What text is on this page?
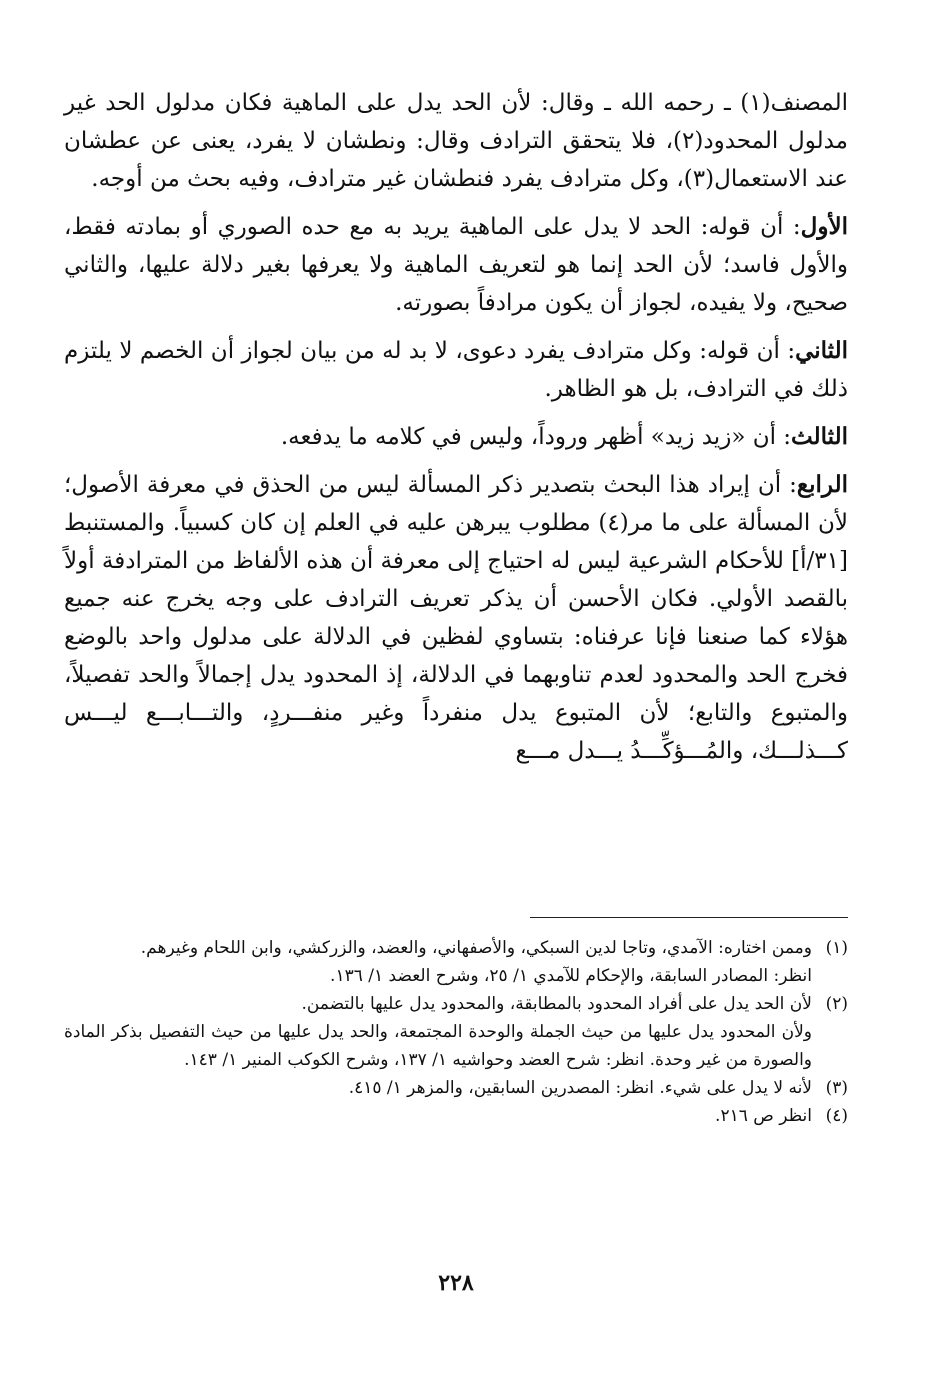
المصنف(١) ـ رحمه الله ـ وقال: لأن الحد يدل على الماهية فكان مدلول الحد غير مدلول المحدود(٢)، فلا يتحقق الترادف وقال: ونطشان لا يفرد، يعنى عن عطشان عند الاستعمال(٣)، وكل مترادف يفرد فنطشان غير مترادف، وفيه بحث من أوجه.

الأول: أن قوله: الحد لا يدل على الماهية يريد به مع حده الصوري أو بمادته فقط، والأول فاسد؛ لأن الحد إنما هو لتعريف الماهية ولا يعرفها بغير دلالة عليها، والثاني صحيح، ولا يفيده، لجواز أن يكون مرادفاً بصورته.

الثاني: أن قوله: وكل مترادف يفرد دعوى، لا بد له من بيان لجواز أن الخصم لا يلتزم ذلك في الترادف، بل هو الظاهر.

الثالث: أن «زيد زيد» أظهر وروداً، وليس في كلامه ما يدفعه.

الرابع: أن إيراد هذا البحث بتصدير ذكر المسألة ليس من الحذق في معرفة الأصول؛ لأن المسألة على ما مر(٤) مطلوب يبرهن عليه في العلم إن كان كسبياً. والمستنبط [٣١/أ] للأحكام الشرعية ليس له احتياج إلى معرفة أن هذه الألفاظ من المترادفة أولاً بالقصد الأولي. فكان الأحسن أن يذكر تعريف الترادف على وجه يخرج عنه جميع هؤلاء كما صنعنا فإنا عرفناه: بتساوي لفظين في الدلالة على مدلول واحد بالوضع فخرج الحد والمحدود لعدم تناوبهما في الدلالة، إذ المحدود يدل إجمالاً والحد تفصيلاً، والمتبوع والتابع؛ لأن المتبوع يدل منفرداً وغير منفـــردٍ، والتـــابـــع ليـــس كـــذلـــك، والمُـــؤكِّـــدُ يـــدل مـــع

(١)

وممن اختاره: الآمدي، وتاجا لدين السبكي، والأصفهاني، والعضد، والزركشي، وابن اللحام وغيرهم.

انظر: المصادر السابقة، والإحكام للآمدي ١/ ٢٥، وشرح العضد ١/ ١٣٦.

(٢)

لأن الحد يدل على أفراد المحدود بالمطابقة، والمحدود يدل عليها بالتضمن.

ولأن المحدود يدل عليها من حيث الجملة والوحدة المجتمعة، والحد يدل عليها من حيث التفصيل بذكر المادة والصورة من غير وحدة. انظر: شرح العضد وحواشيه ١/ ١٣٧، وشرح الكوكب المنير ١/ ١٤٣.

(٣)

لأنه لا يدل على شيء. انظر: المصدرين السابقين، والمزهر ١/ ٤١٥.

(٤)

انظر ص ٢١٦.

٢٢٨
